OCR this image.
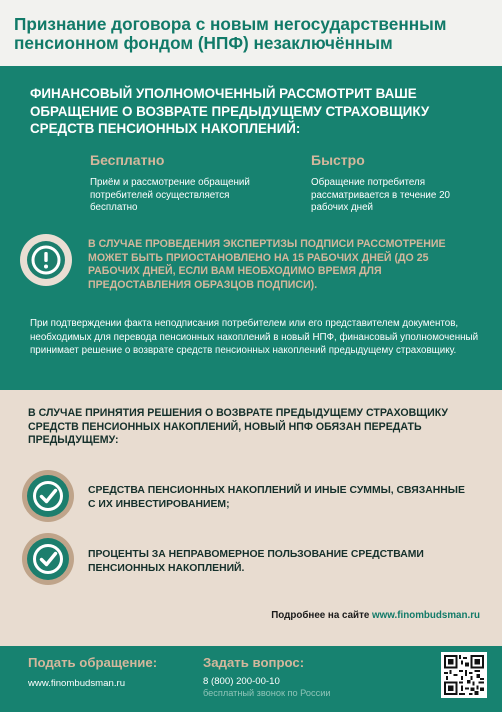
Признание договора с новым негосударственным пенсионном фондом (НПФ) незаключённым
ФИНАНСОВЫЙ УПОЛНОМОЧЕННЫЙ РАССМОТРИТ ВАШЕ ОБРАЩЕНИЕ О ВОЗВРАТЕ ПРЕДЫДУЩЕМУ СТРАХОВЩИКУ СРЕДСТВ ПЕНСИОННЫХ НАКОПЛЕНИЙ:
Бесплатно
Приём и рассмотрение обращений потребителей осуществляется бесплатно
Быстро
Обращение потребителя рассматривается в течение 20 рабочих дней
В СЛУЧАЕ ПРОВЕДЕНИЯ ЭКСПЕРТИЗЫ ПОДПИСИ РАССМОТРЕНИЕ МОЖЕТ БЫТЬ ПРИОСТАНОВЛЕНО НА 15 РАБОЧИХ ДНЕЙ (ДО 25 РАБОЧИХ ДНЕЙ, ЕСЛИ ВАМ НЕОБХОДИМО ВРЕМЯ ДЛЯ ПРЕДОСТАВЛЕНИЯ ОБРАЗЦОВ ПОДПИСИ).
При подтверждении факта неподписания потребителем или его представителем документов, необходимых для перевода пенсионных накоплений в новый НПФ, финансовый уполномоченный принимает решение о возврате средств пенсионных накоплений предыдущему страховщику.
В СЛУЧАЕ ПРИНЯТИЯ РЕШЕНИЯ О ВОЗВРАТЕ ПРЕДЫДУЩЕМУ СТРАХОВЩИКУ СРЕДСТВ ПЕНСИОННЫХ НАКОПЛЕНИЙ, НОВЫЙ НПФ ОБЯЗАН ПЕРЕДАТЬ ПРЕДЫДУЩЕМУ:
СРЕДСТВА ПЕНСИОННЫХ НАКОПЛЕНИЙ И ИНЫЕ СУММЫ, СВЯЗАННЫЕ С ИХ ИНВЕСТИРОВАНИЕМ;
ПРОЦЕНТЫ ЗА НЕПРАВОМЕРНОЕ ПОЛЬЗОВАНИЕ СРЕДСТВАМИ ПЕНСИОННЫХ НАКОПЛЕНИЙ.
Подробнее на сайте www.finombudsman.ru
Подать обращение:
www.finombudsman.ru
Задать вопрос:
8 (800) 200-00-10
бесплатный звонок по России
